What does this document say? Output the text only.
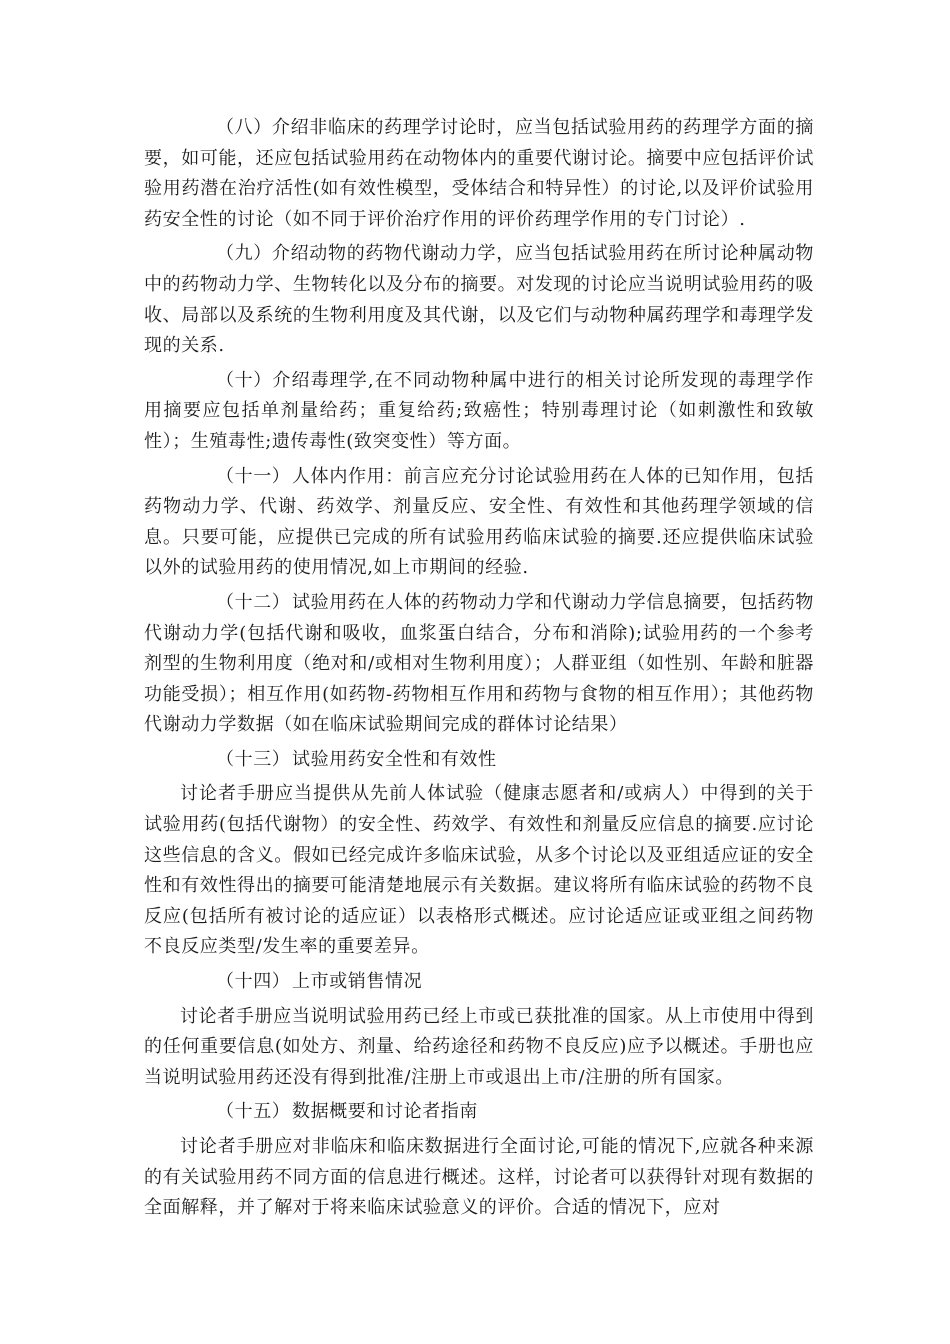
（八）介绍非临床的药理学讨论时，应当包括试验用药的药理学方面的摘要，如可能，还应包括试验用药在动物体内的重要代谢讨论。摘要中应包括评价试验用药潜在治疗活性(如有效性模型，受体结合和特异性）的讨论,以及评价试验用药安全性的讨论（如不同于评价治疗作用的评价药理学作用的专门讨论）.

（九）介绍动物的药物代谢动力学，应当包括试验用药在所讨论种属动物中的药物动力学、生物转化以及分布的摘要。对发现的讨论应当说明试验用药的吸收、局部以及系统的生物利用度及其代谢，以及它们与动物种属药理学和毒理学发现的关系.

（十）介绍毒理学,在不同动物种属中进行的相关讨论所发现的毒理学作用摘要应包括单剂量给药；重复给药;致癌性；特别毒理讨论（如刺激性和致敏性）；生殖毒性;遗传毒性(致突变性）等方面。

（十一）人体内作用：前言应充分讨论试验用药在人体的已知作用，包括药物动力学、代谢、药效学、剂量反应、安全性、有效性和其他药理学领域的信息。只要可能，应提供已完成的所有试验用药临床试验的摘要.还应提供临床试验以外的试验用药的使用情况,如上市期间的经验.

（十二）试验用药在人体的药物动力学和代谢动力学信息摘要，包括药物代谢动力学(包括代谢和吸收，血浆蛋白结合，分布和消除);试验用药的一个参考剂型的生物利用度（绝对和/或相对生物利用度）；人群亚组（如性别、年龄和脏器功能受损）；相互作用(如药物-药物相互作用和药物与食物的相互作用）；其他药物代谢动力学数据（如在临床试验期间完成的群体讨论结果）

（十三）试验用药安全性和有效性

讨论者手册应当提供从先前人体试验（健康志愿者和/或病人）中得到的关于试验用药(包括代谢物）的安全性、药效学、有效性和剂量反应信息的摘要.应讨论这些信息的含义。假如已经完成许多临床试验，从多个讨论以及亚组适应证的安全性和有效性得出的摘要可能清楚地展示有关数据。建议将所有临床试验的药物不良反应(包括所有被讨论的适应证）以表格形式概述。应讨论适应证或亚组之间药物不良反应类型/发生率的重要差异。

（十四）上市或销售情况

讨论者手册应当说明试验用药已经上市或已获批准的国家。从上市使用中得到的任何重要信息(如处方、剂量、给药途径和药物不良反应)应予以概述。手册也应当说明试验用药还没有得到批准/注册上市或退出上市/注册的所有国家。

（十五）数据概要和讨论者指南

讨论者手册应对非临床和临床数据进行全面讨论,可能的情况下,应就各种来源的有关试验用药不同方面的信息进行概述。这样，讨论者可以获得针对现有数据的全面解释，并了解对于将来临床试验意义的评价。合适的情况下，应对
